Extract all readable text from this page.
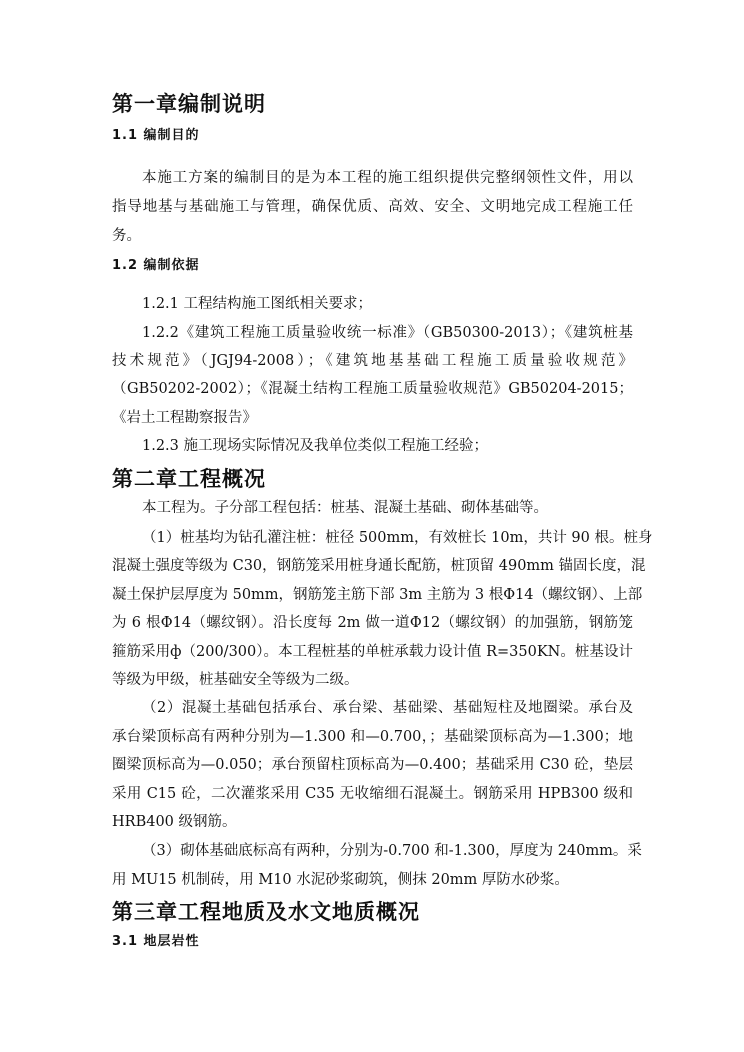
第一章编制说明
1.1 编制目的
1.2 编制依据
第二章工程概况
第三章工程地质及水文地质概况
3.1 地层岩性
本施工方案的编制目的是为本工程的施工组织提供完整纲领性文件，用以
指导地基与基础施工与管理，确保优质、高效、安全、文明地完成工程施工任
务。
1.2.1 工程结构施工图纸相关要求；
1.2.2《建筑工程施工质量验收统一标准》（GB50300-2013）；《建筑桩基
技术规范》（JGJ94-2008）；《建筑地基基础工程施工质量验收规范》
（GB50202-2002）；《混凝土结构工程施工质量验收规范》GB50204-2015；
《岩土工程勘察报告》
1.2.3 施工现场实际情况及我单位类似工程施工经验；
本工程为。子分部工程包括：桩基、混凝土基础、砌体基础等。
（1）桩基均为钻孔灌注桩：桩径 500mm，有效桩长 10m，共计 90 根。桩身
混凝土强度等级为 C30，钢筋笼采用桩身通长配筋，桩顶留 490mm 锚固长度，混
凝土保护层厚度为 50mm，钢筋笼主筋下部 3m 主筋为 3 根Φ14（螺纹钢）、上部
为 6 根Φ14（螺纹钢）。沿长度每 2m 做一道Φ12（螺纹钢）的加强筋，钢筋笼
箍筋采用ф（200/300）。本工程桩基的单桩承载力设计值 R=350KN。桩基设计
等级为甲级，桩基础安全等级为二级。
（2）混凝土基础包括承台、承台梁、基础梁、基础短柱及地圈梁。承台及
承台梁顶标高有两种分别为—1.300 和—0.700，；基础梁顶标高为—1.300；地
圈梁顶标高为—0.050；承台预留柱顶标高为—0.400；基础采用 C30 砼，垫层
采用 C15 砼，二次灌浆采用 C35 无收缩细石混凝土。钢筋采用 HPB300 级和
HRB400 级钢筋。
（3）砌体基础底标高有两种，分别为-0.700 和-1.300，厚度为 240mm。采
用 MU15 机制砖，用 M10 水泥砂浆砌筑，侧抹 20mm 厚防水砂浆。
